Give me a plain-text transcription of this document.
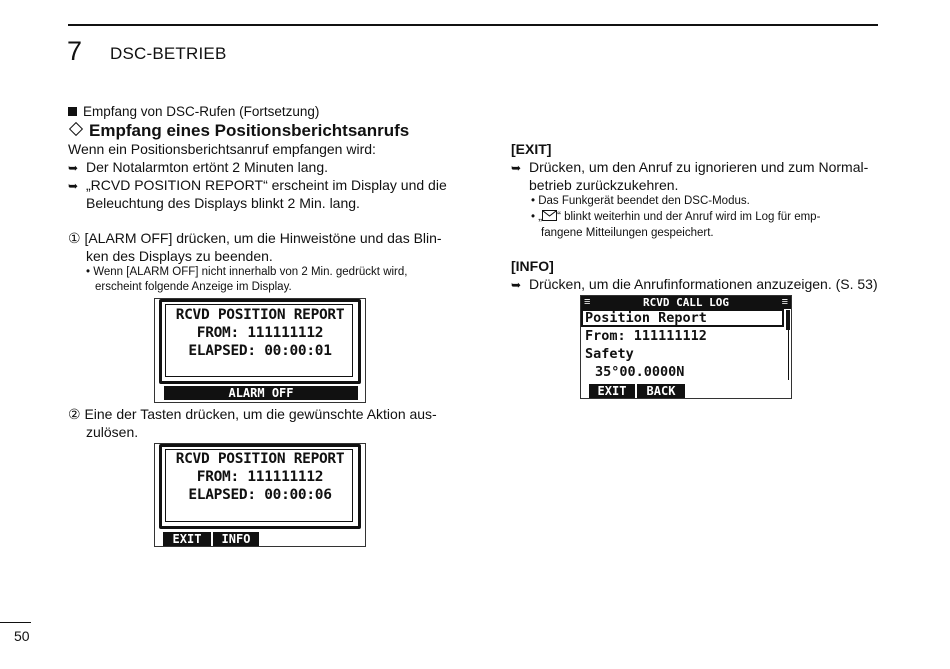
7 DSC-BETRIEB
Empfang von DSC-Rufen (Fortsetzung)
Empfang eines Positionsberichtsanrufs
Wenn ein Positionsberichtsanruf empfangen wird:
➥ Der Notalarmton ertönt 2 Minuten lang.
➥ „RCVD POSITION REPORT“ erscheint im Display und die
Beleuchtung des Displays blinkt 2 Min. lang.
① [ALARM OFF] drücken, um die Hinweistöne und das Blin-
ken des Displays zu beenden.
• Wenn [ALARM OFF] nicht innerhalb von 2 Min. gedrückt wird,
erscheint folgende Anzeige im Display.
RCVD POSITION REPORT
FROM: 111111112
ELAPSED: 00:00:01
ALARM OFF
② Eine der Tasten drücken, um die gewünschte Aktion aus-
zulösen.
RCVD POSITION REPORT
FROM: 111111112
ELAPSED: 00:00:06
EXIT	INFO
[EXIT]
➥ Drücken, um den Anruf zu ignorieren und zum Normal-
betrieb zurückzukehren.
• Das Funkgerät beendet den DSC-Modus.
• „ “ blinkt weiterhin und der Anruf wird im Log für emp-
fangene Mitteilungen gespeichert.
[INFO]
➥ Drücken, um die Anrufinformationen anzuzeigen. (S. 53)
≡	RCVD CALL LOG	≡
Position Report
From: 111111112
Safety
35°00.0000N
EXIT	BACK
50
